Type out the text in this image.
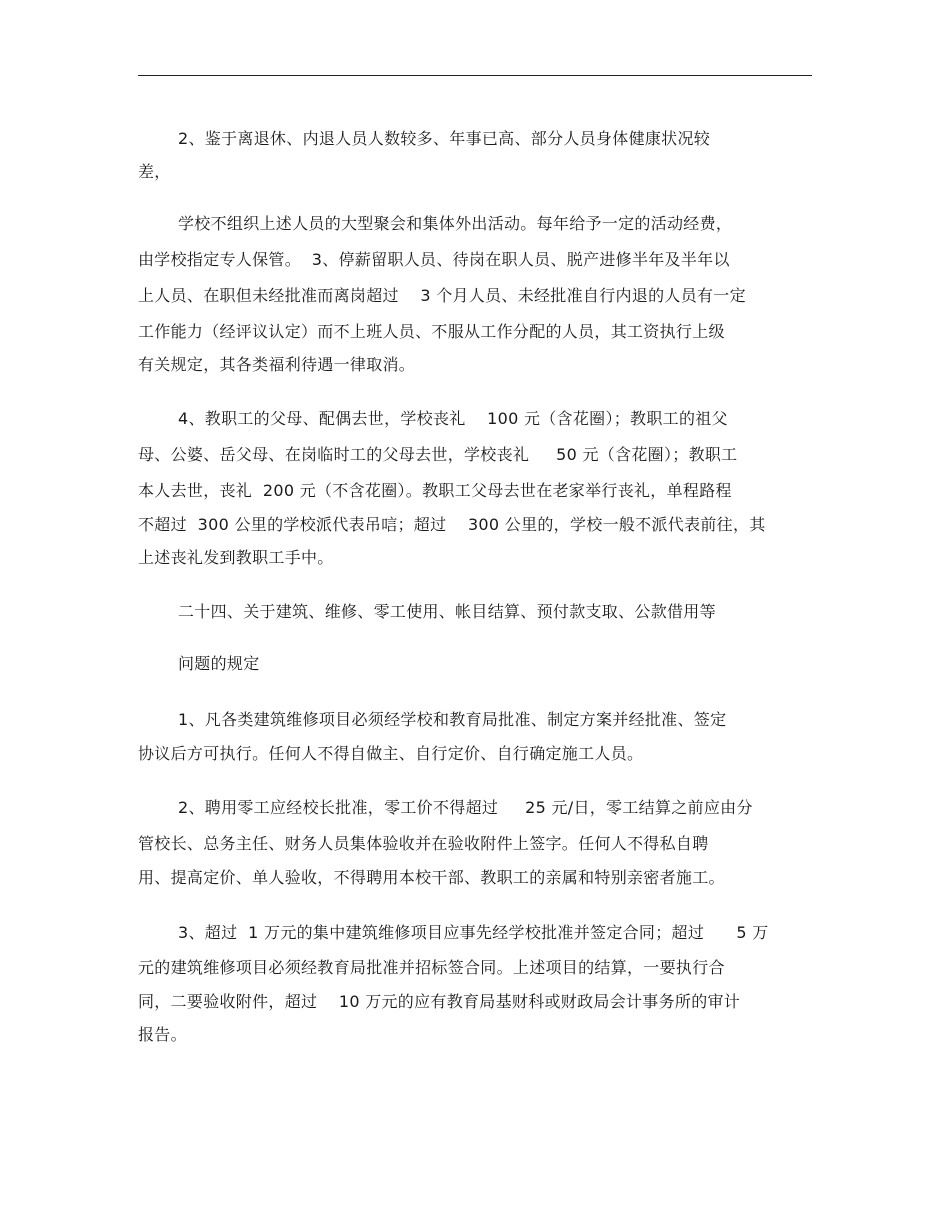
2、鉴于离退休、内退人员人数较多、年事已高、部分人员身体健康状况较
差，
学校不组织上述人员的大型聚会和集体外出活动。每年给予一定的活动经费，
由学校指定专人保管。  3、停薪留职人员、待岗在职人员、脱产进修半年及半年以
上人员、在职但未经批准而离岗超过    3 个月人员、未经批准自行内退的人员有一定
工作能力（经评议认定）而不上班人员、不服从工作分配的人员，其工资执行上级
有关规定，其各类福利待遇一律取消。
4、教职工的父母、配偶去世，学校丧礼    100 元（含花圈）；教职工的祖父
母、公婆、岳父母、在岗临时工的父母去世，学校丧礼     50 元（含花圈）；教职工
本人去世，丧礼  200 元（不含花圈）。教职工父母去世在老家举行丧礼，单程路程
不超过  300 公里的学校派代表吊唁；超过    300 公里的，学校一般不派代表前往，其
上述丧礼发到教职工手中。
二十四、关于建筑、维修、零工使用、帐目结算、预付款支取、公款借用等
问题的规定
1、凡各类建筑维修项目必须经学校和教育局批准、制定方案并经批准、签定
协议后方可执行。任何人不得自做主、自行定价、自行确定施工人员。
2、聘用零工应经校长批准，零工价不得超过     25 元/日，零工结算之前应由分
管校长、总务主任、财务人员集体验收并在验收附件上签字。任何人不得私自聘
用、提高定价、单人验收，不得聘用本校干部、教职工的亲属和特别亲密者施工。
3、超过  1 万元的集中建筑维修项目应事先经学校批准并签定合同；超过      5 万
元的建筑维修项目必须经教育局批准并招标签合同。上述项目的结算，一要执行合
同，二要验收附件，超过    10 万元的应有教育局基财科或财政局会计事务所的审计
报告。
